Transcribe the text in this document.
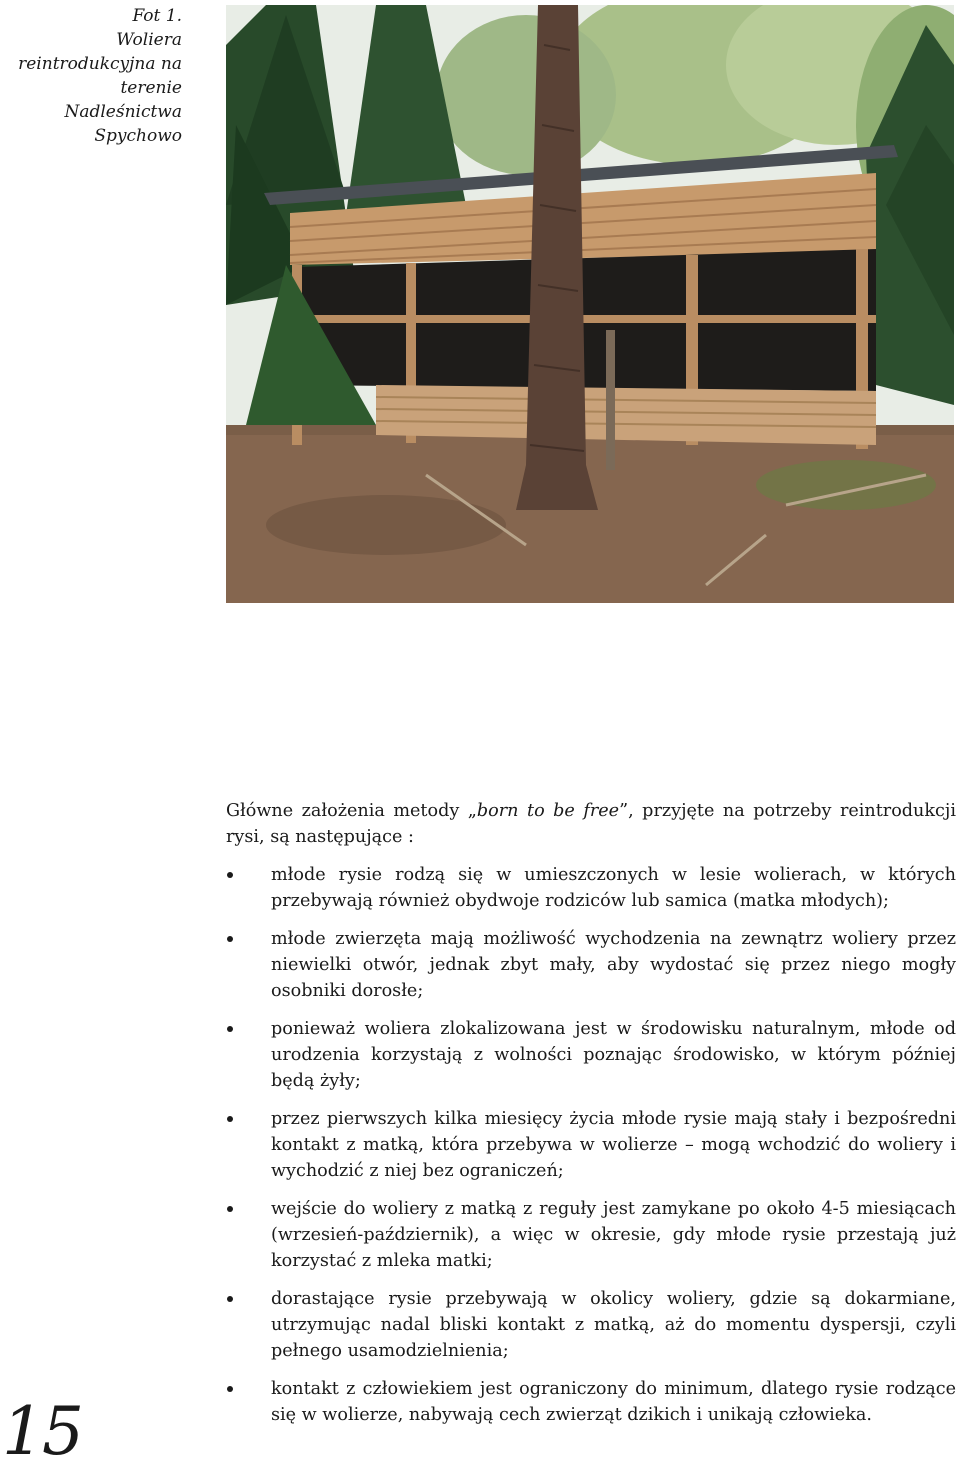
Fot 1.
Woliera
reintrodukcyjna na
terenie Nadleśnictwa
Spychowo

Główne założenia metody „born to be free”, przyjęte na potrzeby reintrodukcji rysi, są następujące :

młode rysie rodzą się w umieszczonych w lesie wolierach, w których przebywają również obydwoje rodziców lub samica (matka młodych);
młode zwierzęta mają możliwość wychodzenia na zewnątrz woliery przez niewielki otwór, jednak zbyt mały, aby wydostać się przez niego mogły osobniki dorosłe;
ponieważ woliera zlokalizowana jest w środowisku naturalnym, młode od urodzenia korzystają z wolności poznając środowisko, w którym później będą żyły;
przez pierwszych kilka miesięcy życia młode rysie mają stały i bezpośredni kontakt z matką, która przebywa w wolierze – mogą wchodzić do woliery i wychodzić z niej bez ograniczeń;
wejście do woliery z matką z reguły jest zamykane po około 4-5 miesiącach (wrzesień-październik), a więc w okresie, gdy młode rysie przestają już korzystać z mleka matki;
dorastające rysie przebywają w okolicy woliery, gdzie są dokarmiane, utrzymując nadal bliski kontakt z matką, aż do momentu dyspersji, czyli pełnego usamodzielnienia;
kontakt z człowiekiem jest ograniczony do minimum, dlatego rysie rodzące się w wolierze, nabywają cech zwierząt dzikich i unikają człowieka.
15
